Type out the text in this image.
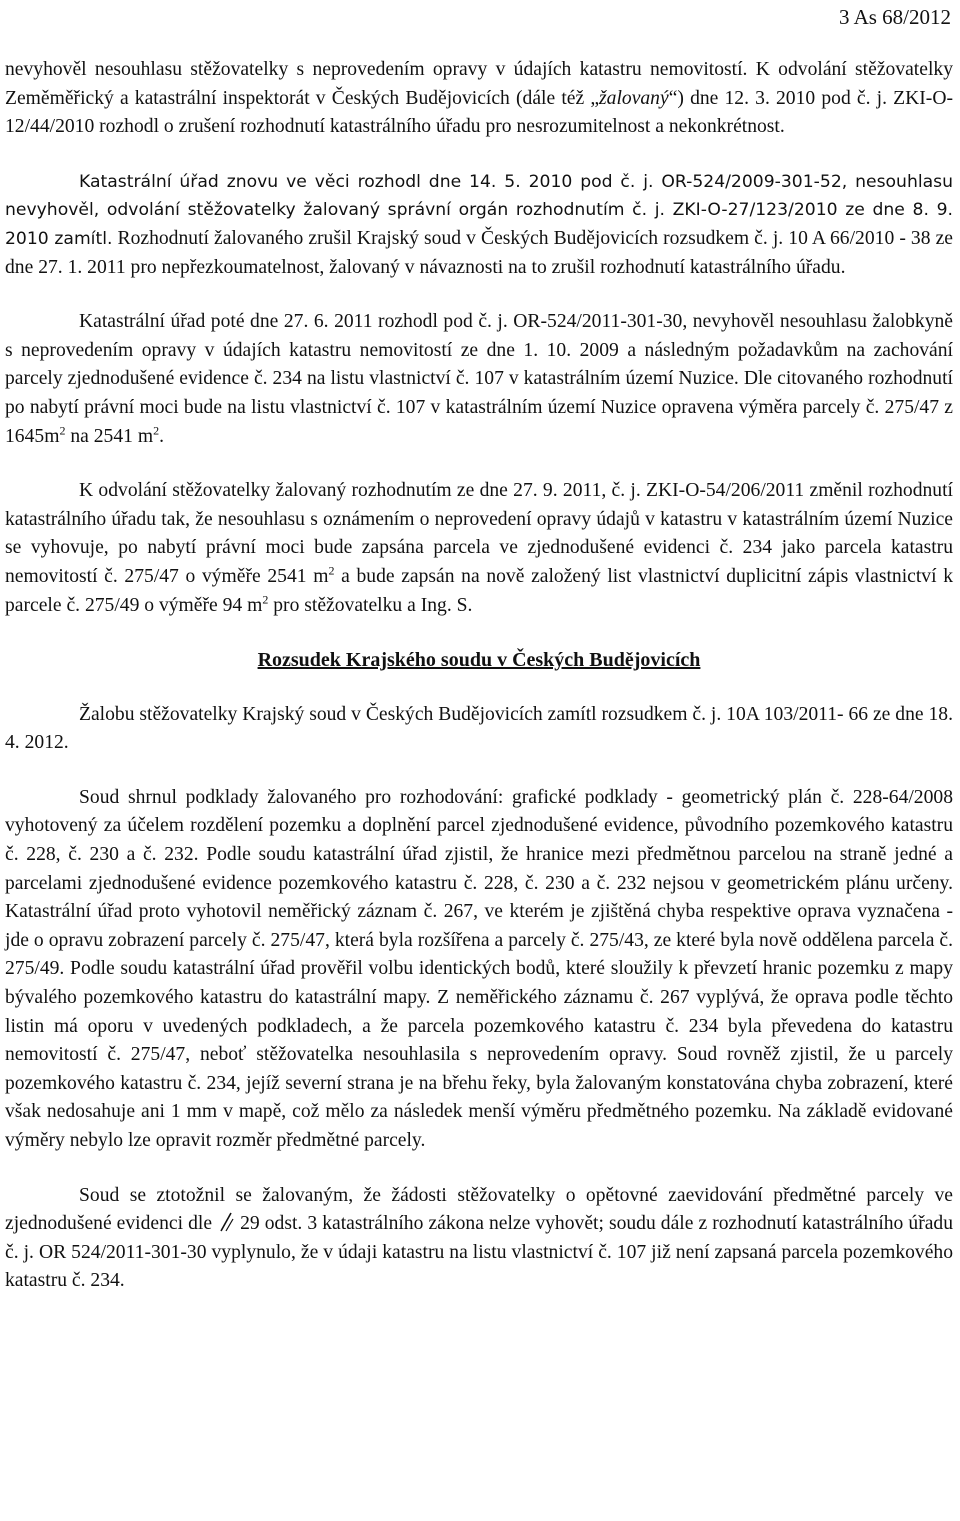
3 As 68/2012

nevyhověl nesouhlasu stěžovatelky s neprovedením opravy v údajích katastru nemovitostí. K odvolání stěžovatelky Zeměměřický a katastrální inspektorát v Českých Budějovicích (dále též „žalovaný“) dne 12. 3. 2010 pod č. j. ZKI-O-12/44/2010 rozhodl o zrušení rozhodnutí katastrálního úřadu pro nesrozumitelnost a nekonkrétnost.

Katastrální úřad znovu ve věci rozhodl dne 14. 5. 2010 pod č. j. OR-524/2009-301-52, nesouhlasu nevyhověl, odvolání stěžovatelky žalovaný správní orgán rozhodnutím č. j. ZKI-O-27/123/2010 ze dne 8. 9. 2010 zamítl. Rozhodnutí žalovaného zrušil Krajský soud v Českých Budějovicích rozsudkem č. j. 10 A 66/2010 - 38 ze dne 27. 1. 2011 pro nepřezkoumatelnost, žalovaný v návaznosti na to zrušil rozhodnutí katastrálního úřadu.

Katastrální úřad poté dne 27. 6. 2011 rozhodl pod č. j. OR-524/2011-301-30, nevyhověl nesouhlasu žalobkyně s neprovedením opravy v údajích katastru nemovitostí ze dne 1. 10. 2009 a následným požadavkům na zachování parcely zjednodušené evidence č. 234 na listu vlastnictví č. 107 v katastrálním území Nuzice. Dle citovaného rozhodnutí po nabytí právní moci bude na listu vlastnictví č. 107 v katastrálním území Nuzice opravena výměra parcely č. 275/47 z $1645m^2$ na 2541 $m^2$.

K odvolání stěžovatelky žalovaný rozhodnutím ze dne 27. 9. 2011, č. j. ZKI-O-54/206/2011 změnil rozhodnutí katastrálního úřadu tak, že nesouhlasu s oznámením o neprovedení opravy údajů v katastru v katastrálním území Nuzice se vyhovuje, po nabytí právní moci bude zapsána parcela ve zjednodušené evidenci č. 234 jako parcela katastru nemovitostí č. 275/47 o výměře 2541 $m^2$ a bude zapsán na nově založený list vlastnictví duplicitní zápis vlastnictví k parcele č. 275/49 o výměře 94 $m^2$ pro stěžovatelku a Ing. S.

Rozsudek Krajského soudu v Českých Budějovicích

Žalobu stěžovatelky Krajský soud v Českých Budějovicích zamítl rozsudkem č. j. 10A 103/2011- 66 ze dne 18. 4. 2012.

Soud shrnul podklady žalovaného pro rozhodování: grafické podklady - geometrický plán č. 228-64/2008 vyhotovený za účelem rozdělení pozemku a doplnění parcel zjednodušené evidence, původního pozemkového katastru č. 228, č. 230 a č. 232. Podle soudu katastrální úřad zjistil, že hranice mezi předmětnou parcelou na straně jedné a parcelami zjednodušené evidence pozemkového katastru č. 228, č. 230 a č. 232 nejsou v geometrickém plánu určeny. Katastrální úřad proto vyhotovil neměřický záznam č. 267, ve kterém je zjištěná chyba respektive oprava vyznačena - jde o opravu zobrazení parcely č. 275/47, která byla rozšířena a parcely č. 275/43, ze které byla nově oddělena parcela č. 275/49. Podle soudu katastrální úřad prověřil volbu identických bodů, které sloužily k převzetí hranic pozemku z mapy bývalého pozemkového katastru do katastrální mapy. Z neměřického záznamu č. 267 vyplývá, že oprava podle těchto listin má oporu v uvedených podkladech, a že parcela pozemkového katastru č. 234 byla převedena do katastru nemovitostí č. 275/47, neboť stěžovatelka nesouhlasila s neprovedením opravy. Soud rovněž zjistil, že u parcely pozemkového katastru č. 234, jejíž severní strana je na břehu řeky, byla žalovaným konstatována chyba zobrazení, které však nedosahuje ani 1 mm v mapě, což mělo za následek menší výměru předmětného pozemku. Na základě evidované výměry nebylo lze opravit rozměr předmětné parcely.

Soud se ztotožnil se žalovaným, že žádosti stěžovatelky o opětovné zaevidování předmětné parcely ve zjednodušené evidenci dle
29 odst. 3 katastrálního zákona nelze vyhovět; soudu dále z rozhodnutí katastrálního úřadu č. j. OR 524/2011-301-30 vyplynulo, že v údaji katastru na listu vlastnictví č. 107 již není zapsaná parcela pozemkového katastru č. 234.
